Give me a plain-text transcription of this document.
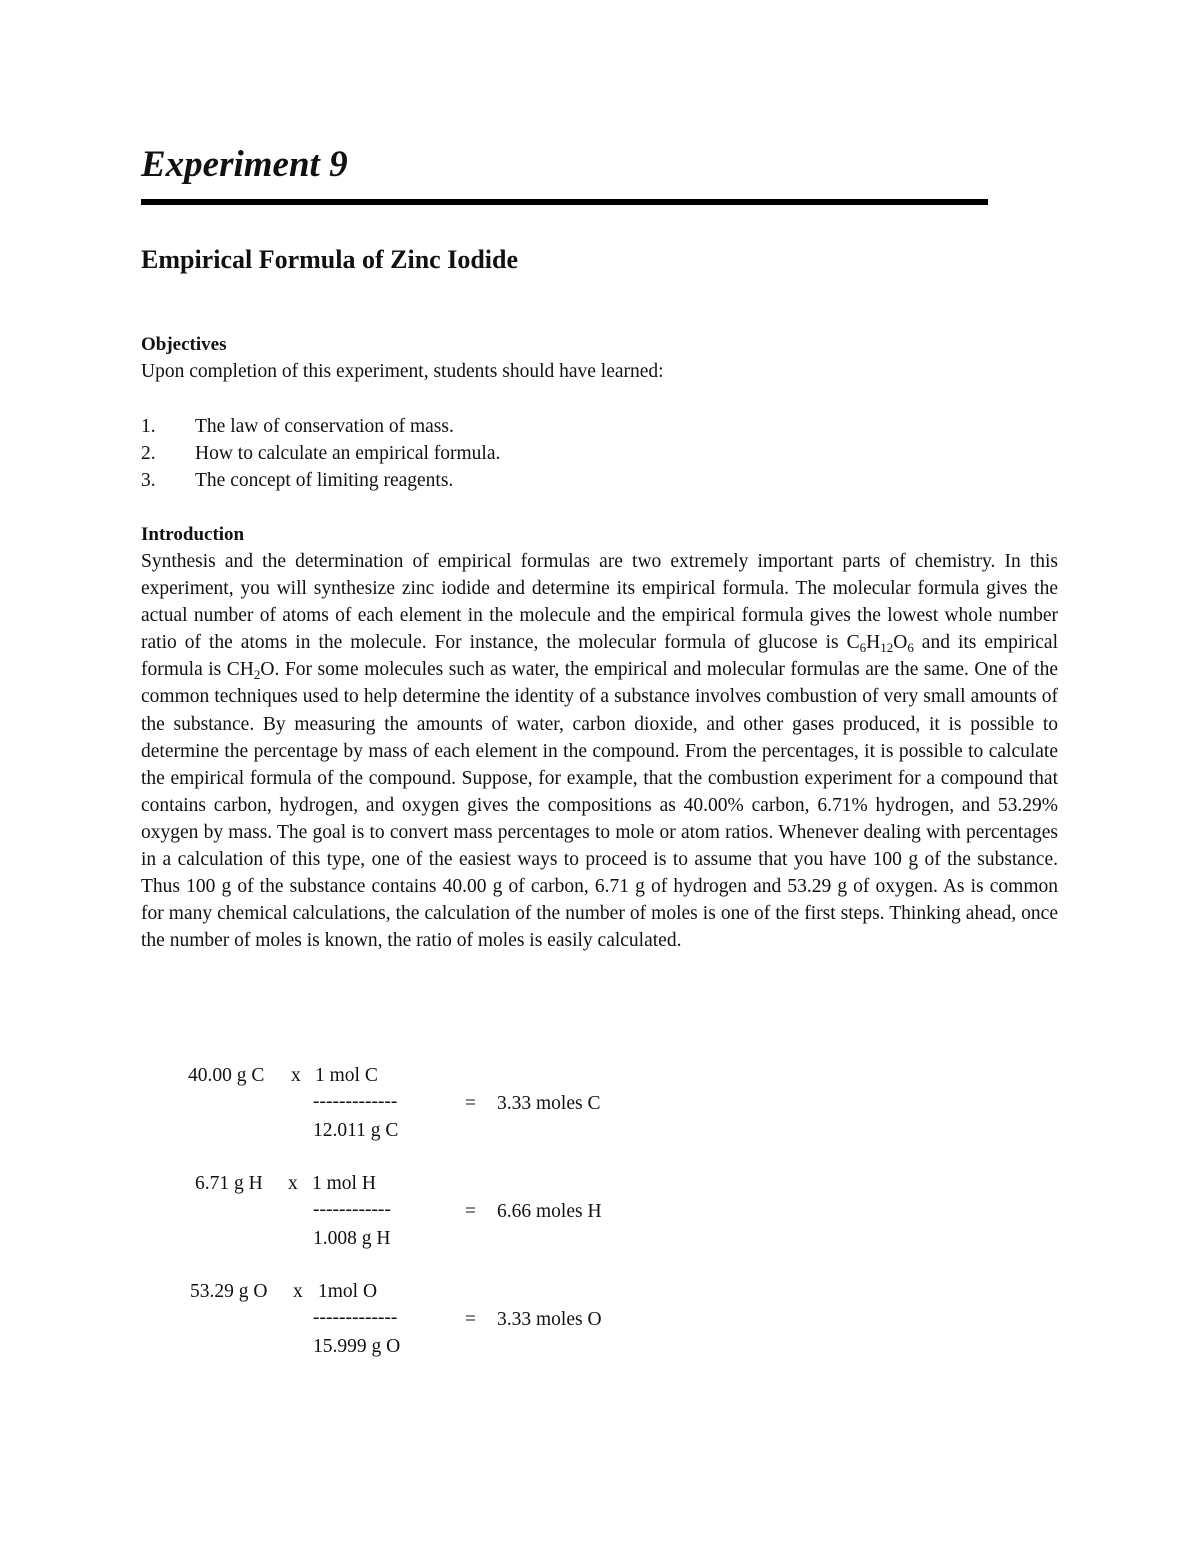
Experiment 9
Empirical Formula of Zinc Iodide
Objectives

Upon completion of this experiment, students should have learned:

1.	The law of conservation of mass.
2.	How to calculate an empirical formula.
3.	The concept of limiting reagents.
Introduction

Synthesis and the determination of empirical formulas are two extremely important parts of chemistry. In this experiment, you will synthesize zinc iodide and determine its empirical formula. The molecular formula gives the actual number of atoms of each element in the molecule and the empirical formula gives the lowest whole number ratio of the atoms in the molecule. For instance, the molecular formula of glucose is $C_6H_{12}O_6$ and its empirical formula is $CH_2O$. For some molecules such as water, the empirical and molecular formulas are the same. One of the common techniques used to help determine the identity of a substance involves combustion of very small amounts of the substance. By measuring the amounts of water, carbon dioxide, and other gases produced, it is possible to determine the percentage by mass of each element in the compound. From the percentages, it is possible to calculate the empirical formula of the compound. Suppose, for example, that the combustion experiment for a compound that contains carbon, hydrogen, and oxygen gives the compositions as 40.00% carbon, 6.71% hydrogen, and 53.29% oxygen by mass. The goal is to convert mass percentages to mole or atom ratios. Whenever dealing with percentages in a calculation of this type, one of the easiest ways to proceed is to assume that you have 100 g of the substance. Thus 100 g of the substance contains 40.00 g of carbon, 6.71 g of hydrogen and 53.29 g of oxygen. As is common for many chemical calculations, the calculation of the number of moles is one of the first steps. Thinking ahead, once the number of moles is known, the ratio of moles is easily calculated.

40.00 g C

x

1 mol C

-------------

	=

3.33 moles C

12.011 g C

6.71 g H

x

1 mol H

------------

	=

6.66 moles H

1.008 g H

53.29 g O

x

1mol O

-------------

	=

3.33 moles O

15.999 g O
